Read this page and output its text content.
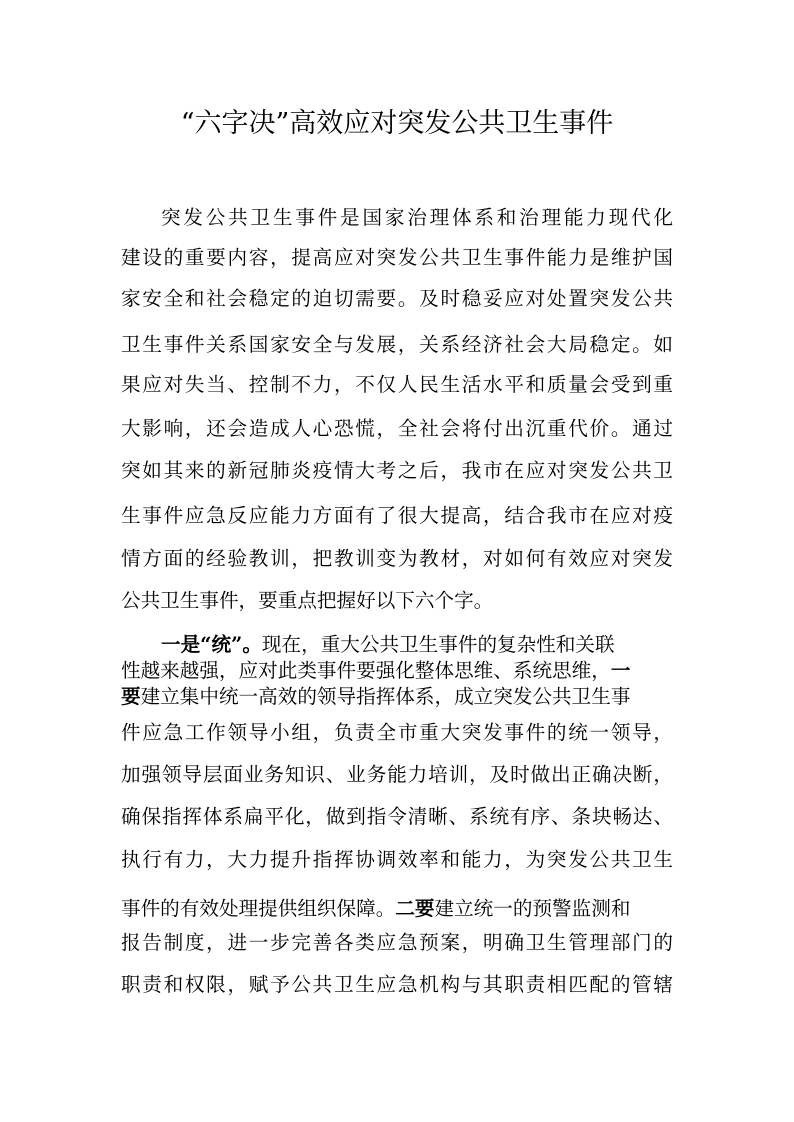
“六字决”高效应对突发公共卫生事件
突发公共卫生事件是国家治理体系和治理能力现代化
建设的重要内容，提高应对突发公共卫生事件能力是维护国
家安全和社会稳定的迫切需要。及时稳妥应对处置突发公共
卫生事件关系国家安全与发展，关系经济社会大局稳定。如
果应对失当、控制不力，不仅人民生活水平和质量会受到重
大影响，还会造成人心恐慌，全社会将付出沉重代价。通过
突如其来的新冠肺炎疫情大考之后，我市在应对突发公共卫
生事件应急反应能力方面有了很大提高，结合我市在应对疫
情方面的经验教训，把教训变为教材，对如何有效应对突发
公共卫生事件，要重点把握好以下六个字。
一是“统”。现在，重大公共卫生事件的复杂性和关联
性越来越强，应对此类事件要强化整体思维、系统思维，一
要建立集中统一高效的领导指挥体系，成立突发公共卫生事
件应急工作领导小组，负责全市重大突发事件的统一领导，
加强领导层面业务知识、业务能力培训，及时做出正确决断，
确保指挥体系扁平化，做到指令清晰、系统有序、条块畅达、
执行有力，大力提升指挥协调效率和能力，为突发公共卫生
事件的有效处理提供组织保障。二要建立统一的预警监测和
报告制度，进一步完善各类应急预案，明确卫生管理部门的
职责和权限，赋予公共卫生应急机构与其职责相匹配的管辖
